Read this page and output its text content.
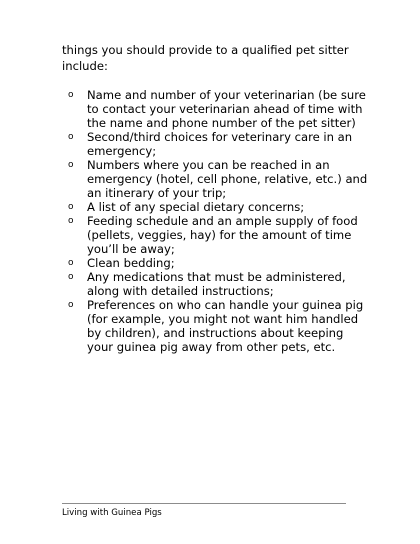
things you should provide to a qualified pet sitter include:

o Name and number of your veterinarian (be sure to contact your veterinarian ahead of time with the name and phone number of the pet sitter)
o Second/third choices for veterinary care in an emergency;
o Numbers where you can be reached in an emergency (hotel, cell phone, relative, etc.) and an itinerary of your trip;
o A list of any special dietary concerns;
o Feeding schedule and an ample supply of food (pellets, veggies, hay) for the amount of time you’ll be away;
o Clean bedding;
o Any medications that must be administered, along with detailed instructions;
o Preferences on who can handle your guinea pig (for example, you might not want him handled by children), and instructions about keeping your guinea pig away from other pets, etc.
Living with Guinea Pigs
